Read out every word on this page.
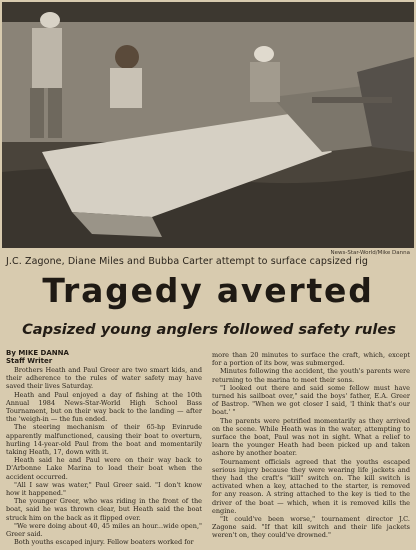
News-Star-World/Mike Danna
J.C. Zagone, Diane Miles and Bubba Carter attempt to surface capsized rig
Tragedy averted
Capsized young anglers followed safety rules
By MIKE DANNA
Staff Writer

Brothers Heath and Paul Greer are two smart kids, and their adherence to the rules of water safety may have saved their lives Saturday.

Heath and Paul enjoyed a day of fishing at the 10th Annual 1984 News-Star-World High School Bass Tournament, but on their way back to the landing — after the 'weigh-in — the fun ended.

The steering mechanism of their 65-hp Evinrude apparently malfunctioned, causing their boat to overturn, hurling 14-year-old Paul from the boat and momentarily taking Heath, 17, down with it.

Heath said he and Paul were on their way back to D'Arbonne Lake Marina to load their boat when the accident occurred.

"All I saw was water," Paul Greer said. "I don't know how it happened."

The younger Greer, who was riding in the front of the boat, said he was thrown clear, but Heath said the boat struck him on the back as it flipped over.

"We were doing about 40, 45 miles an hour...wide open," Greer said.

Both youths escaped injury. Fellow boaters worked for

more than 20 minutes to surface the craft, which, except for a portion of its bow, was submerged.

Minutes following the accident, the youth's parents were returning to the marina to meet their sons.

"I looked out there and said some fellow must have turned his sailboat over," said the boys' father, E.A. Greer of Bastrop. "When we got closer I said, 'I think that's our boat.' "

The parents were petrified momentarily as they arrived on the scene. While Heath was in the water, attempting to surface the boat, Paul was not in sight. What a relief to learn the younger Heath had been picked up and taken ashore by another boater.

Tournament officials agreed that the youths escaped serious injury because they were wearing life jackets and they had the craft's "kill" switch on. The kill switch is activated when a key, attached to the starter, is removed for any reason. A string attached to the key is tied to the driver of the boat — which, when it is removed kills the engine.

"It could've been worse," tournament director J.C. Zagone said. "If that kill switch and their life jackets weren't on, they could've drowned."
